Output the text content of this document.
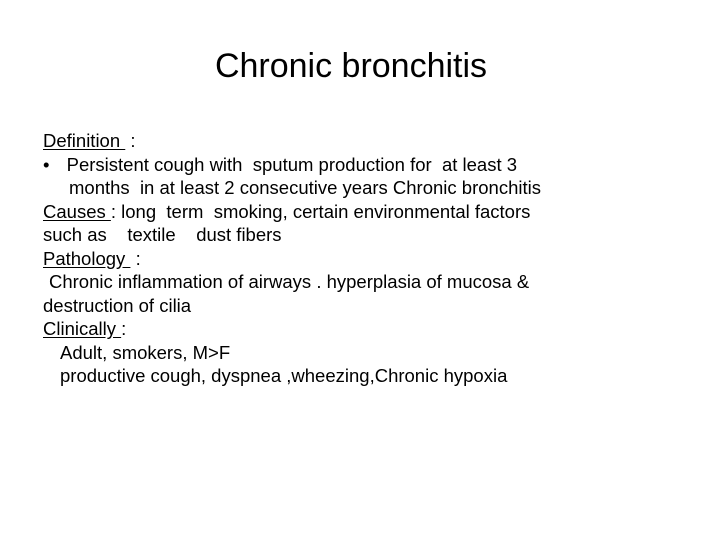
Chronic bronchitis
Definition  :
• Persistent cough with  sputum production for  at least 3
months  in at least 2 consecutive years Chronic bronchitis
Causes : long  term  smoking, certain environmental factors
such as    textile    dust fibers
Pathology  :
Chronic inflammation of airways . hyperplasia of mucosa &
destruction of cilia
Clinically :
Adult, smokers, M>F
productive cough, dyspnea ,wheezing,Chronic hypoxia
